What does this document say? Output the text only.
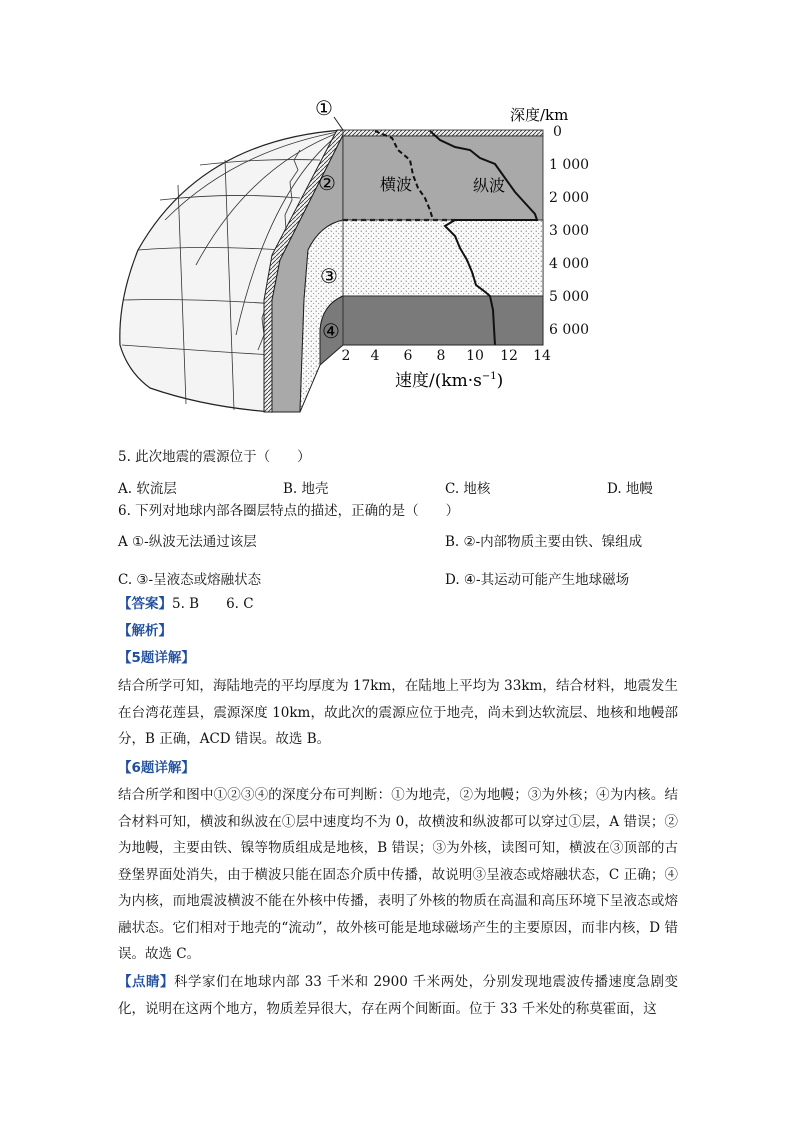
深度/km
0
1 000
2 000
3 000
4 000
5 000
6 000
2 4 6 8 10 12 14
速度$/(km\cdot s^{-1})$
横波	纵波
①
②
③
④
5. 此次地震的震源位于（　　）
A. 软流层	B. 地壳	C. 地核	D. 地幔
6. 下列对地球内部各圈层特点的描述，正确的是（　　）
A ①-纵波无法通过该层	B. ②-内部物质主要由铁、镍组成
C. ③-呈液态或熔融状态	D. ④-其运动可能产生地球磁场
【答案】5. B　　6. C
【解析】
【5题详解】
结合所学可知，海陆地壳的平均厚度为 17km，在陆地上平均为 33km，结合材料，地震发生在台湾花莲县，震源深度 10km，故此次的震源应位于地壳，尚未到达软流层、地核和地幔部分，B 正确，ACD 错误。故选 B。
【6题详解】
结合所学和图中①②③④的深度分布可判断：①为地壳，②为地幔；③为外核；④为内核。结合材料可知，横波和纵波在①层中速度均不为 0，故横波和纵波都可以穿过①层，A 错误；②为地幔，主要由铁、镍等物质组成是地核，B 错误；③为外核，读图可知，横波在③顶部的古登堡界面处消失，由于横波只能在固态介质中传播，故说明③呈液态或熔融状态，C 正确；④为内核，而地震波横波不能在外核中传播，表明了外核的物质在高温和高压环境下呈液态或熔融状态。它们相对于地壳的“流动”，故外核可能是地球磁场产生的主要原因，而非内核，D 错误。故选 C。
【点睛】科学家们在地球内部 33 千米和 2900 千米两处，分别发现地震波传播速度急剧变化，说明在这两个地方，物质差异很大，存在两个间断面。位于 33 千米处的称莫霍面，这
